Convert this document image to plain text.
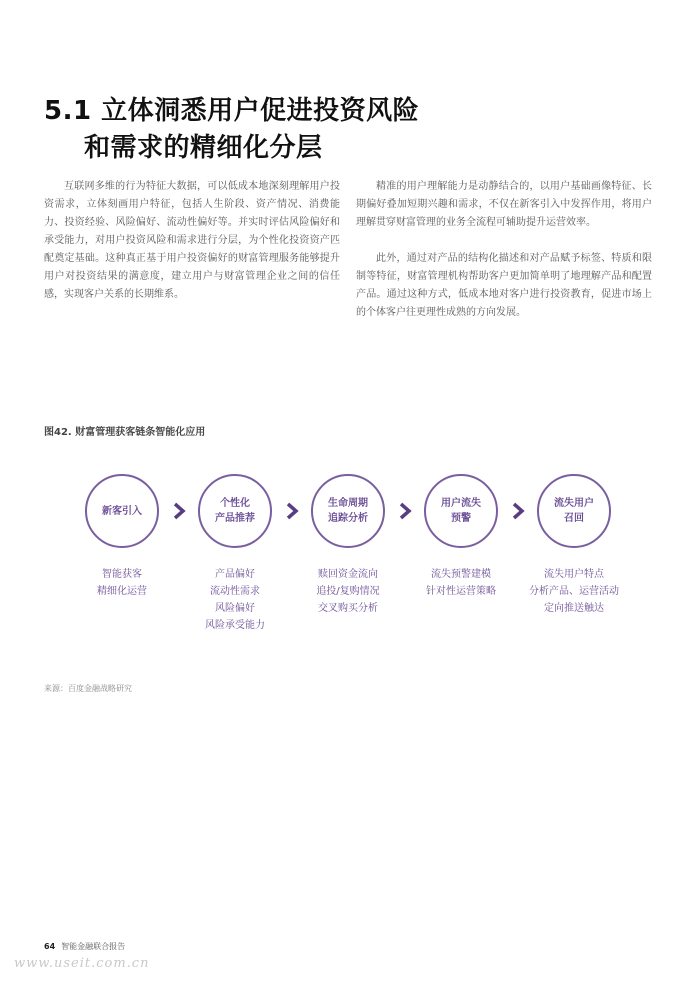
5.1 立体洞悉用户促进投资风险
和需求的精细化分层

互联网多维的行为特征大数据，可以低成本地深刻理解用户投资需求，立体刻画用户特征，包括人生阶段、资产情况、消费能力、投资经验、风险偏好、流动性偏好等。并实时评估风险偏好和承受能力，对用户投资风险和需求进行分层，为个性化投资资产匹配奠定基础。这种真正基于用户投资偏好的财富管理服务能够提升用户对投资结果的满意度，建立用户与财富管理企业之间的信任感，实现客户关系的长期维系。

精准的用户理解能力是动静结合的，以用户基础画像特征、长期偏好叠加短期兴趣和需求，不仅在新客引入中发挥作用，将用户理解贯穿财富管理的业务全流程可辅助提升运营效率。

此外，通过对产品的结构化描述和对产品赋予标签、特质和限制等特征，财富管理机构帮助客户更加简单明了地理解产品和配置产品。通过这种方式，低成本地对客户进行投资教育，促进市场上的个体客户往更理性成熟的方向发展。

图42. 财富管理获客链条智能化应用
新客引入
个性化
产品推荐
生命周期
追踪分析
用户流失
预警
流失用户
召回
智能获客
精细化运营
产品偏好
流动性需求
风险偏好
风险承受能力
赎回资金流向
追投/复购情况
交叉购买分析
流失预警建模
针对性运营策略
流失用户特点
分析产品、运营活动
定向推送触达
来源：百度金融战略研究
64 智能金融联合报告
www.useit.com.cn
